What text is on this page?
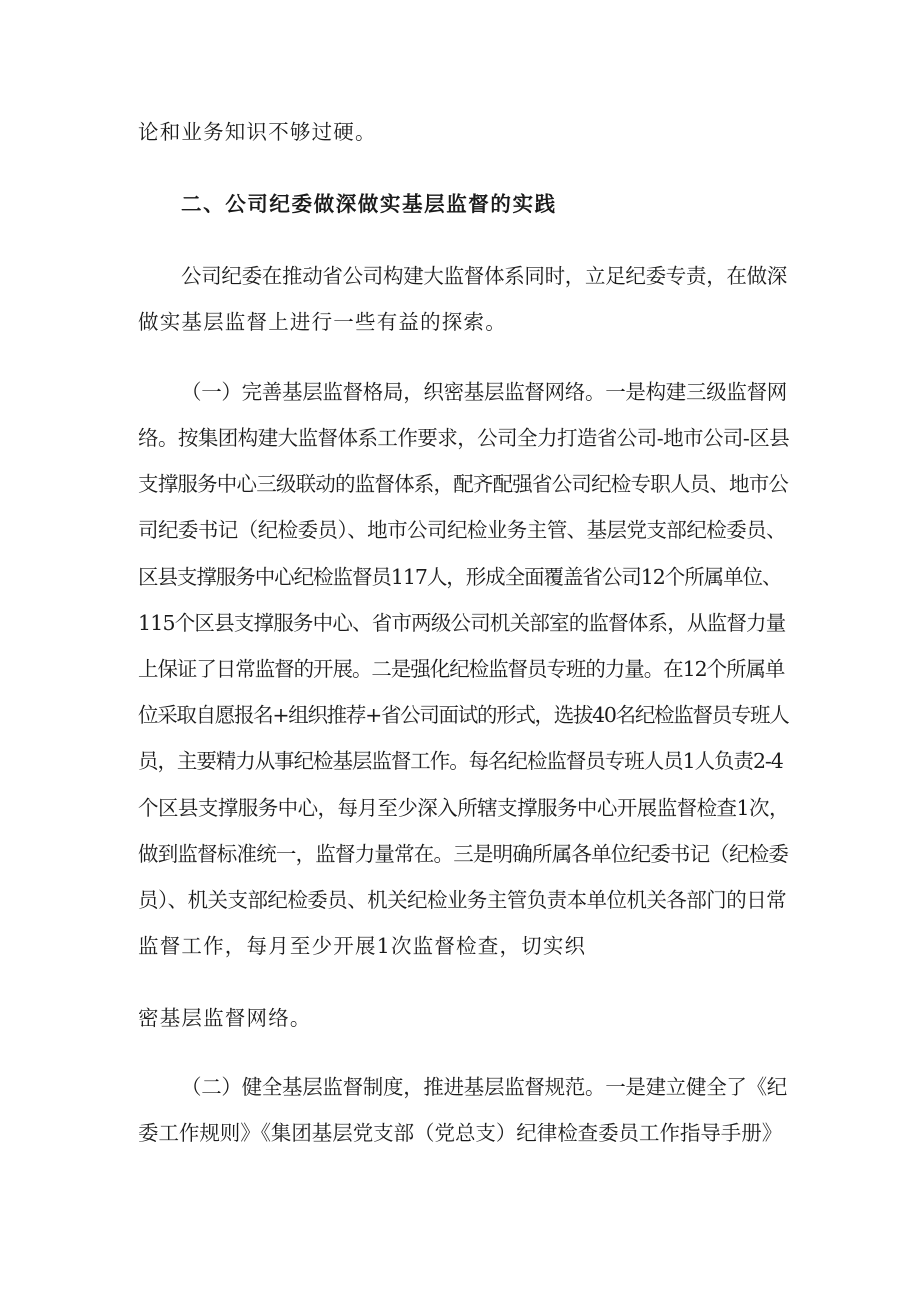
论和业务知识不够过硬。
二、公司纪委做深做实基层监督的实践
公司纪委在推动省公司构建大监督体系同时，立足纪委专责，在做深
做实基层监督上进行一些有益的探索。
（一）完善基层监督格局，织密基层监督网络。一是构建三级监督网
络。按集团构建大监督体系工作要求，公司全力打造省公司-地市公司-区县
支撑服务中心三级联动的监督体系，配齐配强省公司纪检专职人员、地市公
司纪委书记（纪检委员）、地市公司纪检业务主管、基层党支部纪检委员、
区县支撑服务中心纪检监督员117人，形成全面覆盖省公司12个所属单位、
115个区县支撑服务中心、省市两级公司机关部室的监督体系，从监督力量
上保证了日常监督的开展。二是强化纪检监督员专班的力量。在12个所属单
位采取自愿报名+组织推荐+省公司面试的形式，选拔40名纪检监督员专班人
员，主要精力从事纪检基层监督工作。每名纪检监督员专班人员1人负责2-4
个区县支撑服务中心，每月至少深入所辖支撑服务中心开展监督检查1次，
做到监督标准统一，监督力量常在。三是明确所属各单位纪委书记（纪检委
员）、机关支部纪检委员、机关纪检业务主管负责本单位机关各部门的日常
监督工作，每月至少开展1次监督检查，切实织
密基层监督网络。
（二）健全基层监督制度，推进基层监督规范。一是建立健全了《纪
委工作规则》《集团基层党支部（党总支）纪律检查委员工作指导手册》
